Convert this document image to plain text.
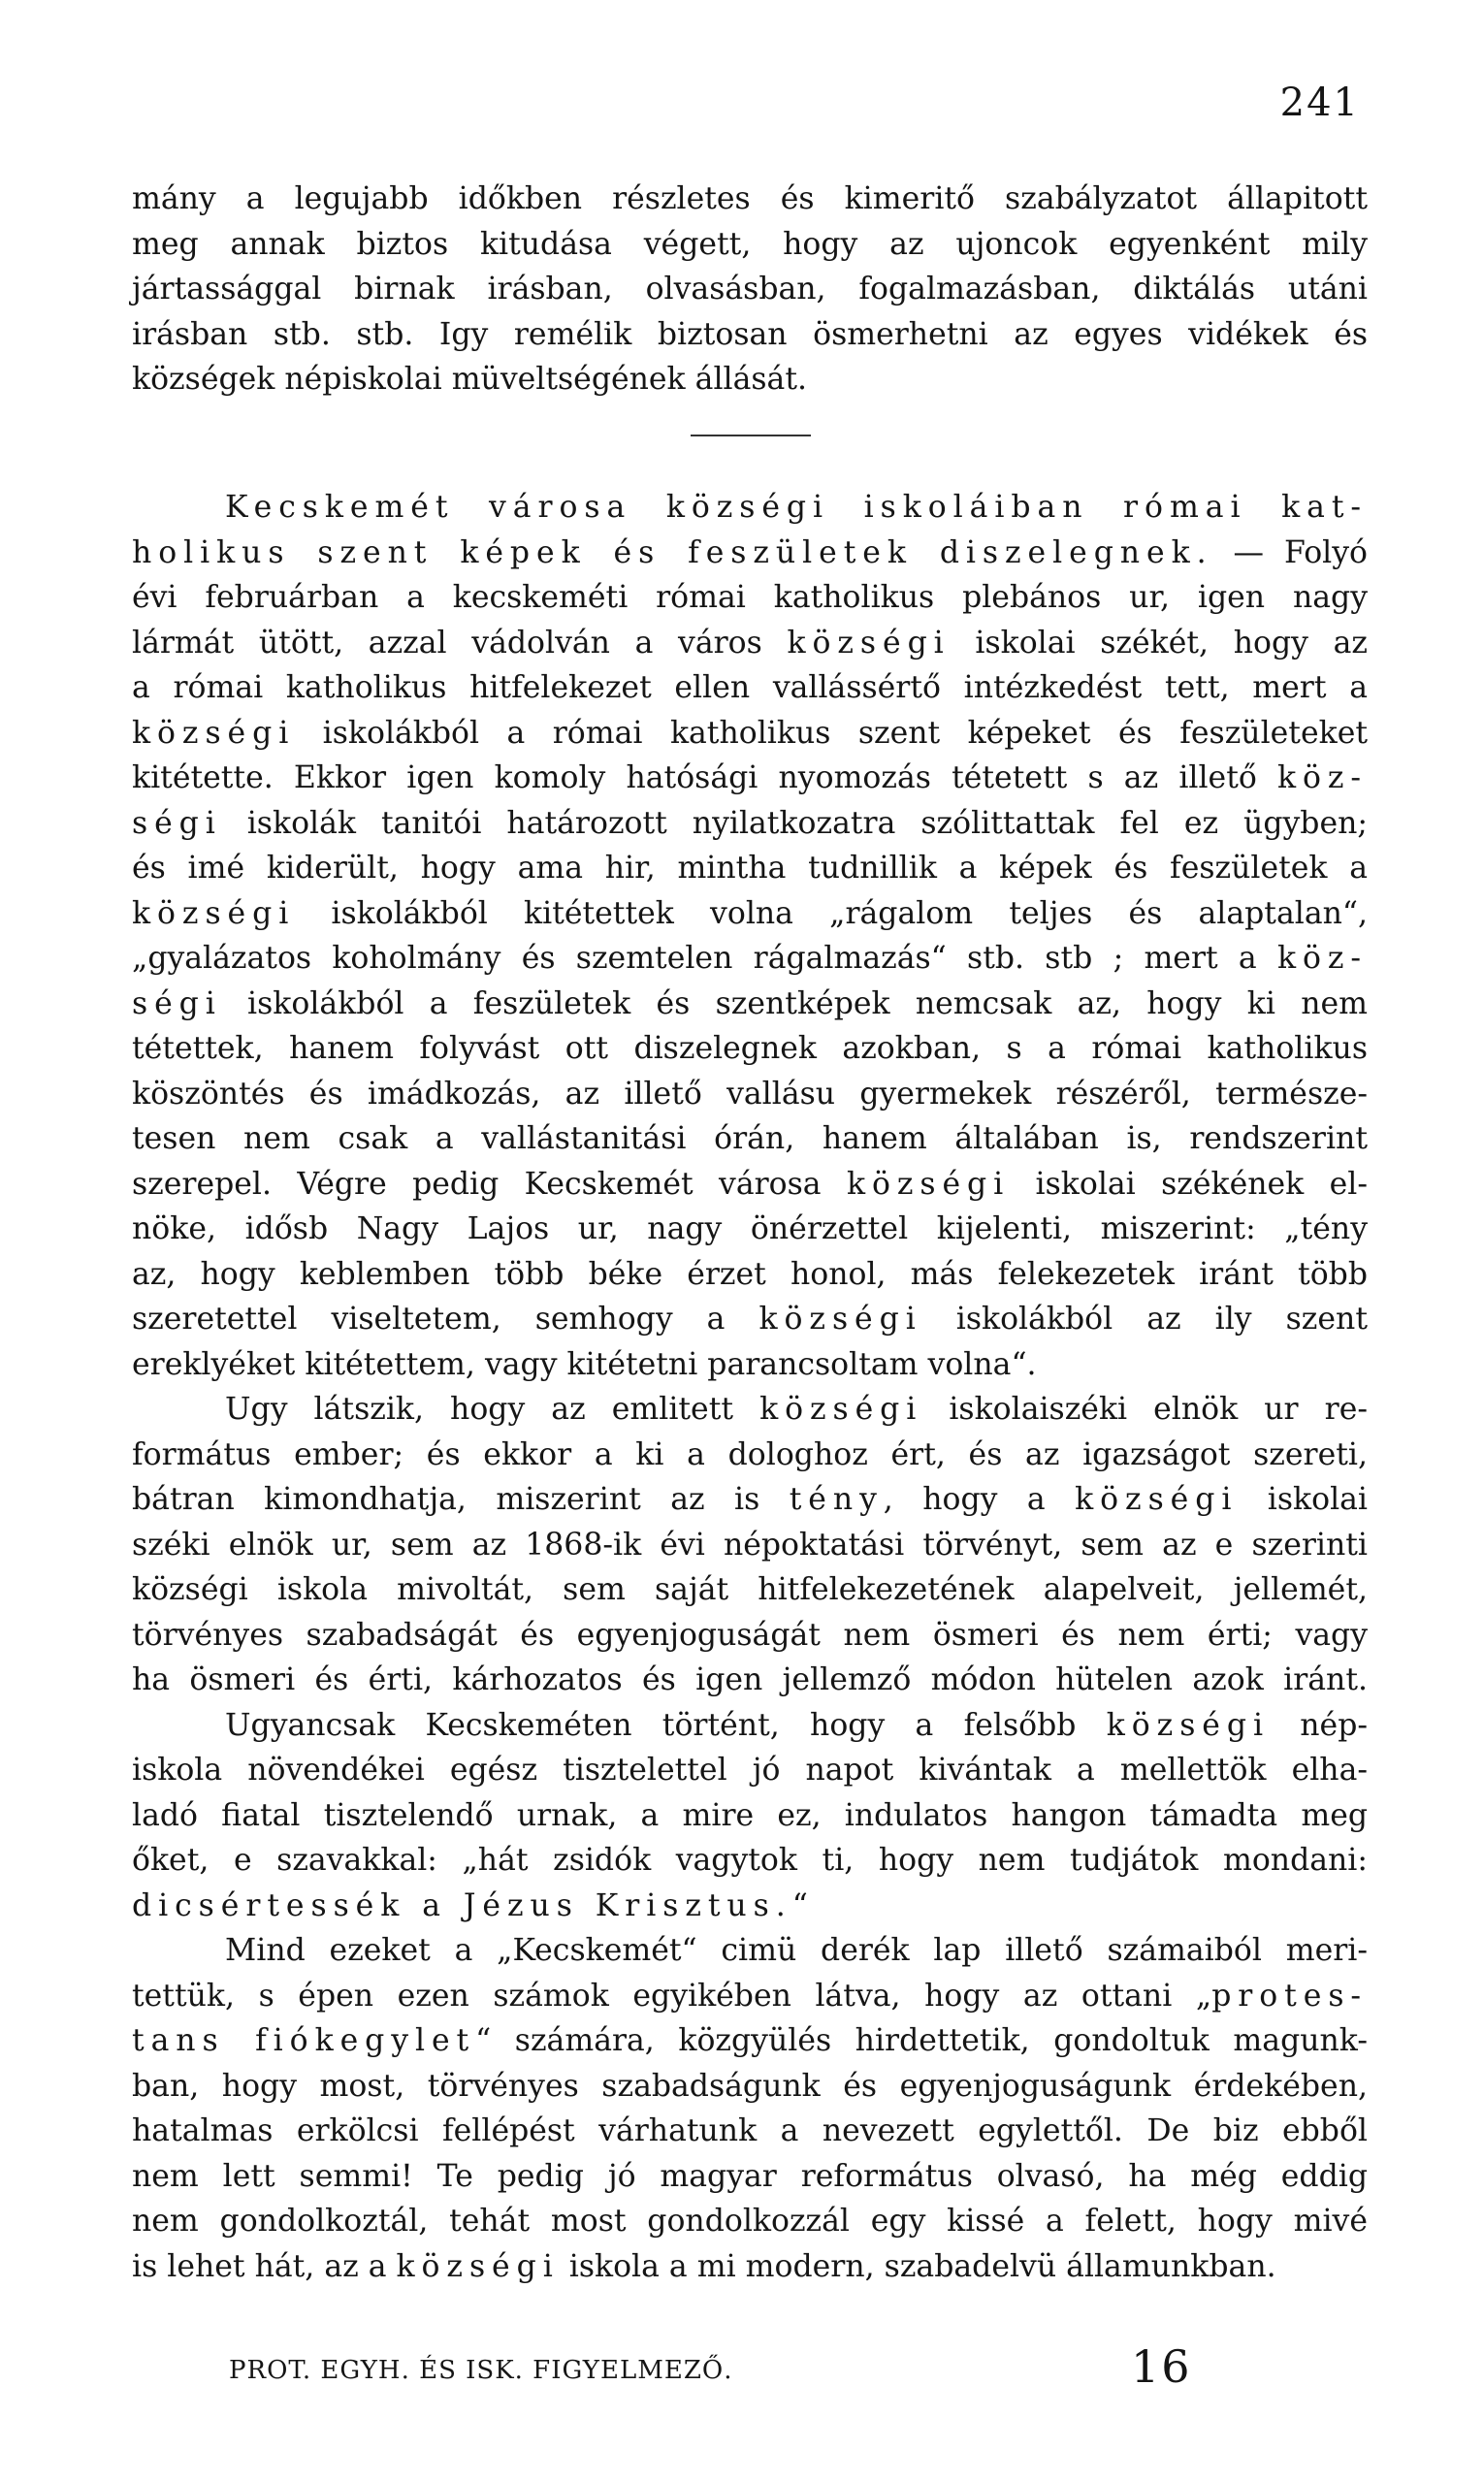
241
mány a legujabb időkben részletes és kimeritő szabályzatot állapitott
meg annak biztos kitudása végett, hogy az ujoncok egyenként mily
jártassággal birnak irásban, olvasásban, fogalmazásban, diktálás utáni
irásban stb. stb. Igy remélik biztosan ösmerhetni az egyes vidékek és
községek népiskolai müveltségének állását.
Kecskemét városa községi iskoláiban római kat-
holikus szent képek és feszületek diszelegnek. — Folyó
évi februárban a kecskeméti római katholikus plebános ur, igen nagy
lármát ütött, azzal vádolván a város községi iskolai székét, hogy az
a római katholikus hitfelekezet ellen vallássértő intézkedést tett, mert a
községi iskolákból a római katholikus szent képeket és feszületeket
kitétette. Ekkor igen komoly hatósági nyomozás tétetett s az illető köz-
ségi iskolák tanitói határozott nyilatkozatra szólittattak fel ez ügyben;
és imé kiderült, hogy ama hir, mintha tudnillik a képek és feszületek a
községi iskolákból kitétettek volna „rágalom teljes és alaptalan“,
„gyalázatos koholmány és szemtelen rágalmazás“ stb. stb ; mert a köz-
ségi iskolákból a feszületek és szentképek nemcsak az, hogy ki nem
tétettek, hanem folyvást ott diszelegnek azokban, s a római katholikus
köszöntés és imádkozás, az illető vallásu gyermekek részéről, természe-
tesen nem csak a vallástanitási órán, hanem általában is, rendszerint
szerepel. Végre pedig Kecskemét városa községi iskolai székének el-
nöke, idősb Nagy Lajos ur, nagy önérzettel kijelenti, miszerint: „tény
az, hogy keblemben több béke érzet honol, más felekezetek iránt több
szeretettel viseltetem, semhogy a községi iskolákból az ily szent
ereklyéket kitétettem, vagy kitétetni parancsoltam volna“.
Ugy látszik, hogy az emlitett községi iskolaiszéki elnök ur re-
formátus ember; és ekkor a ki a dologhoz ért, és az igazságot szereti,
bátran kimondhatja, miszerint az is tény, hogy a községi iskolai
széki elnök ur, sem az 1868-ik évi népoktatási törvényt, sem az e szerinti
községi iskola mivoltát, sem saját hitfelekezetének alapelveit, jellemét,
törvényes szabadságát és egyenjoguságát nem ösmeri és nem érti; vagy
ha ösmeri és érti, kárhozatos és igen jellemző módon hütelen azok iránt.
Ugyancsak Kecskeméten történt, hogy a felsőbb községi nép-
iskola növendékei egész tisztelettel jó napot kivántak a mellettök elha-
ladó fiatal tisztelendő urnak, a mire ez, indulatos hangon támadta meg
őket, e szavakkal: „hát zsidók vagytok ti, hogy nem tudjátok mondani:
dicsértessék a Jézus Krisztus.“
Mind ezeket a „Kecskemét“ cimü derék lap illető számaiból meri-
tettük, s épen ezen számok egyikében látva, hogy az ottani „protes-
tans fiókegylet“ számára, közgyülés hirdettetik, gondoltuk magunk-
ban, hogy most, törvényes szabadságunk és egyenjoguságunk érdekében,
hatalmas erkölcsi fellépést várhatunk a nevezett egylettől. De biz ebből
nem lett semmi! Te pedig jó magyar református olvasó, ha még eddig
nem gondolkoztál, tehát most gondolkozzál egy kissé a felett, hogy mivé
is lehet hát, az a községi iskola a mi modern, szabadelvü államunkban.
PROT. EGYH. ÉS ISK. FIGYELMEZŐ.	16
